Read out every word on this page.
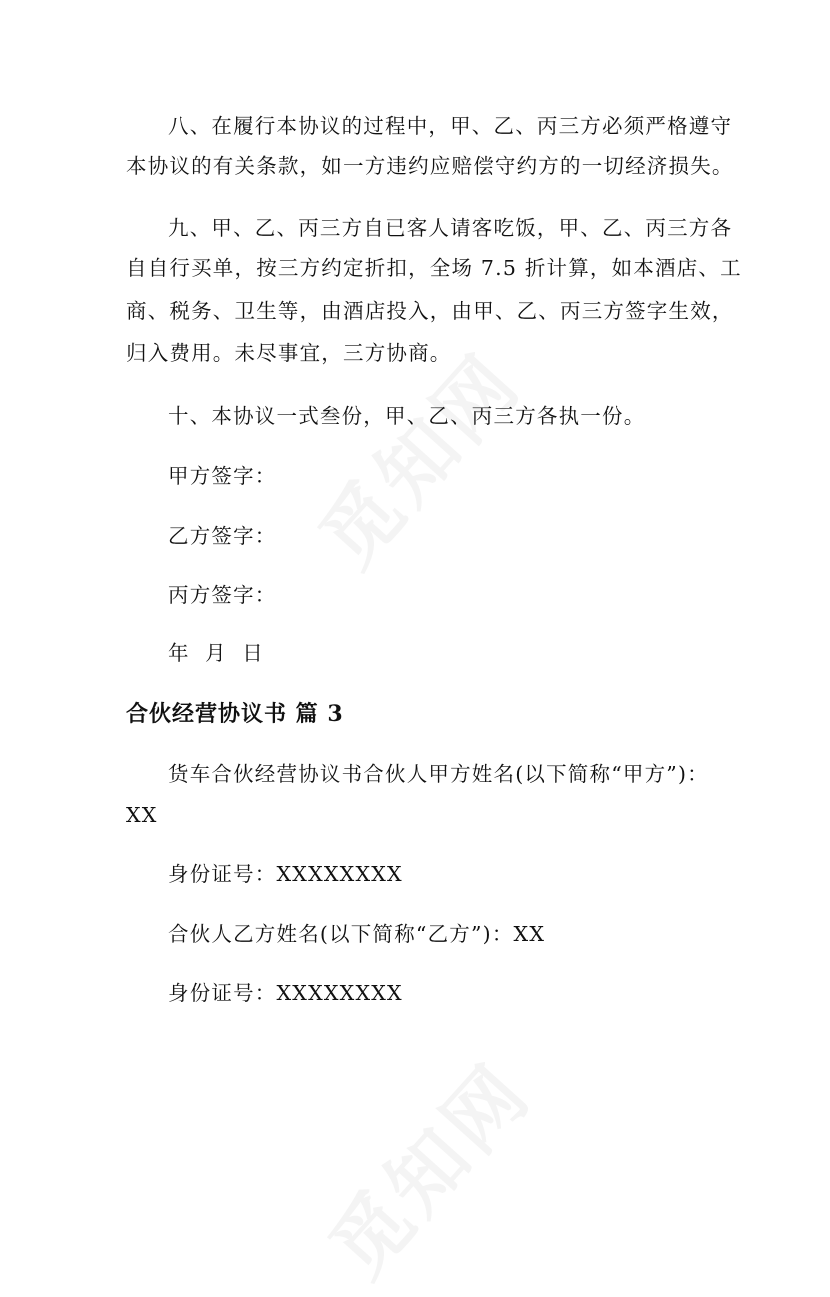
八、在履行本协议的过程中，甲、乙、丙三方必须严格遵守
本协议的有关条款，如一方违约应赔偿守约方的一切经济损失。
九、甲、乙、丙三方自已客人请客吃饭，甲、乙、丙三方各
自自行买单，按三方约定折扣，全场 7.5 折计算，如本酒店、工
商、税务、卫生等，由酒店投入，由甲、乙、丙三方签字生效，
归入费用。未尽事宜，三方协商。
十、本协议一式叁份，甲、乙、丙三方各执一份。
甲方签字：
乙方签字：
丙方签字：
年  月  日
合伙经营协议书 篇 3
货车合伙经营协议书合伙人甲方姓名(以下简称“甲方”)：
XX
身份证号：XXXXXXXX
合伙人乙方姓名(以下简称“乙方”)：XX
身份证号：XXXXXXXX
